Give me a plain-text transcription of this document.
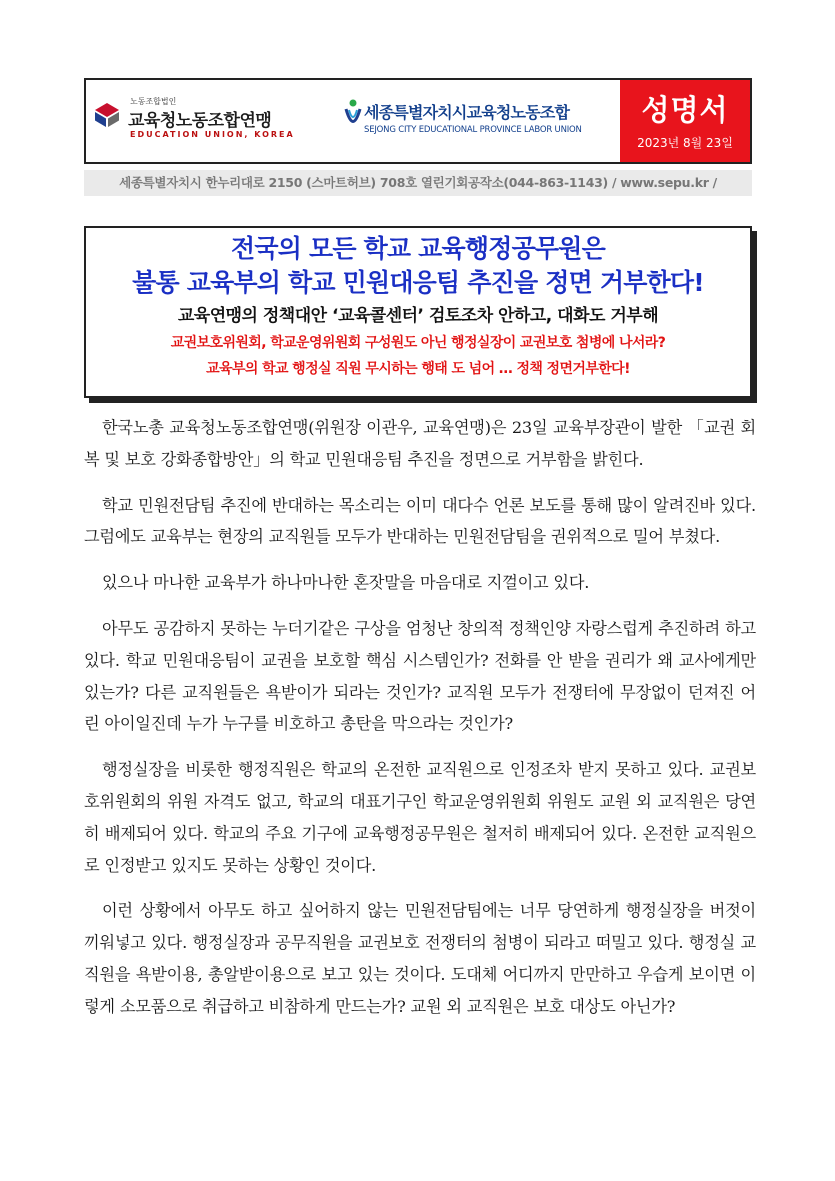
노동조합법인
교육청노동조합연맹
EDUCATION UNION, KOREA
세종특별자치시교육청노동조합
SEJONG CITY EDUCATIONAL PROVINCE LABOR UNION
성명서
2023년 8월 23일
세종특별자치시 한누리대로 2150 (스마트허브) 708호 열린기회공작소(044-863-1143) / www.sepu.kr /
전국의 모든 학교 교육행정공무원은
불통 교육부의 학교 민원대응팀 추진을 정면 거부한다!
교육연맹의 정책대안 ‘교육콜센터’ 검토조차 안하고, 대화도 거부해
교권보호위원회, 학교운영위원회 구성원도 아닌 행정실장이 교권보호 첨병에 나서라?
교육부의 학교 행정실 직원 무시하는 행태 도 넘어 … 정책 정면거부한다!

한국노총 교육청노동조합연맹(위원장 이관우, 교육연맹)은 23일 교육부장관이 발한 「교권 회복 및 보호 강화종합방안」의 학교 민원대응팀 추진을 정면으로 거부함을 밝힌다.

학교 민원전담팀 추진에 반대하는 목소리는 이미 대다수 언론 보도를 통해 많이 알려진바 있다. 그럼에도 교육부는 현장의 교직원들 모두가 반대하는 민원전담팀을 권위적으로 밀어 부쳤다.

있으나 마나한 교육부가 하나마나한 혼잣말을 마음대로 지껄이고 있다.

아무도 공감하지 못하는 누더기같은 구상을 엄청난 창의적 정책인양 자랑스럽게 추진하려 하고있다. 학교 민원대응팀이 교권을 보호할 핵심 시스템인가? 전화를 안 받을 권리가 왜 교사에게만 있는가? 다른 교직원들은 욕받이가 되라는 것인가? 교직원 모두가 전쟁터에 무장없이 던져진 어린 아이일진데 누가 누구를 비호하고 총탄을 막으라는 것인가?

행정실장을 비롯한 행정직원은 학교의 온전한 교직원으로 인정조차 받지 못하고 있다. 교권보호위원회의 위원 자격도 없고, 학교의 대표기구인 학교운영위원회 위원도 교원 외 교직원은 당연히 배제되어 있다. 학교의 주요 기구에 교육행정공무원은 철저히 배제되어 있다. 온전한 교직원으로 인정받고 있지도 못하는 상황인 것이다.

이런 상황에서 아무도 하고 싶어하지 않는 민원전담팀에는 너무 당연하게 행정실장을 버젓이 끼워넣고 있다. 행정실장과 공무직원을 교권보호 전쟁터의 첨병이 되라고 떠밀고 있다. 행정실 교직원을 욕받이용, 총알받이용으로 보고 있는 것이다. 도대체 어디까지 만만하고 우습게 보이면 이렇게 소모품으로 취급하고 비참하게 만드는가? 교원 외 교직원은 보호 대상도 아닌가?
